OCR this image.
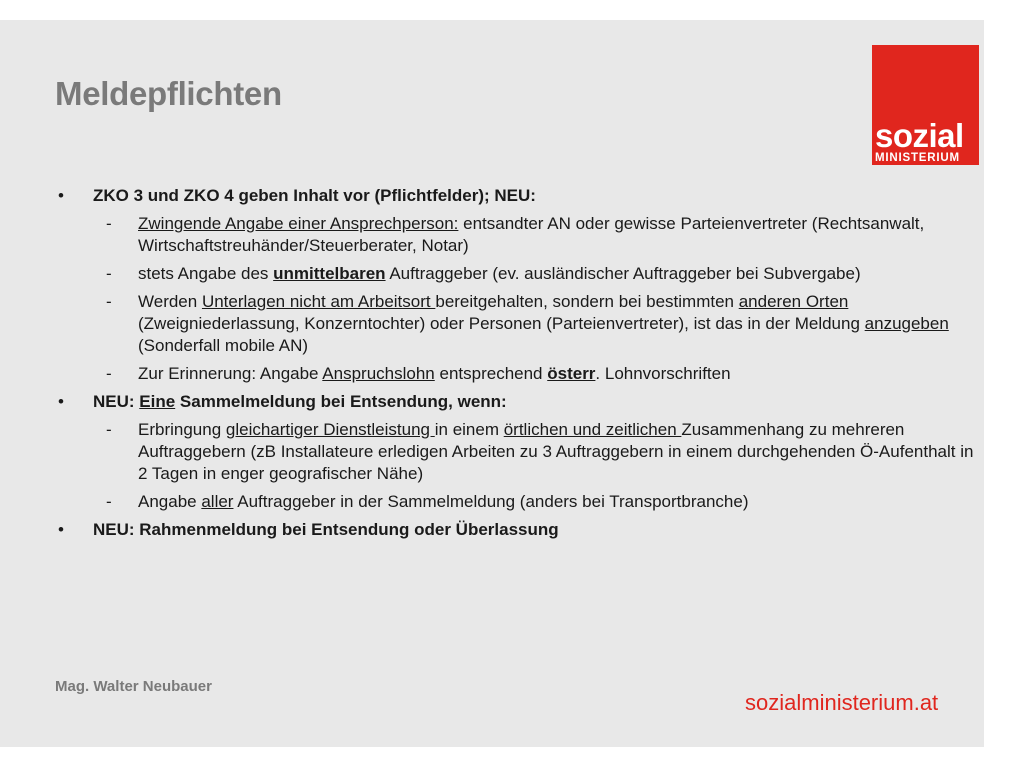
Meldepflichten
sozial
MINISTERIUM
• ZKO 3 und ZKO 4 geben Inhalt vor (Pflichtfelder); NEU:
- Zwingende Angabe einer Ansprechperson: entsandter AN oder gewisse Parteienvertreter (Rechtsanwalt, Wirtschaftstreuhänder/Steuerberater, Notar)
- stets Angabe des unmittelbaren Auftraggeber (ev. ausländischer Auftraggeber bei Subvergabe)
- Werden Unterlagen nicht am Arbeitsort bereitgehalten, sondern bei bestimmten anderen Orten (Zweigniederlassung, Konzerntochter) oder Personen (Parteienvertreter), ist das in der Meldung anzugeben (Sonderfall mobile AN)
- Zur Erinnerung: Angabe Anspruchslohn entsprechend österr. Lohnvorschriften
• NEU: Eine Sammelmeldung bei Entsendung, wenn:
- Erbringung gleichartiger Dienstleistung in einem örtlichen und zeitlichen Zusammenhang zu mehreren Auftraggebern (zB Installateure erledigen Arbeiten zu 3 Auftraggebern in einem durchgehenden Ö-Aufenthalt in 2 Tagen in enger geografischer Nähe)
- Angabe aller Auftraggeber in der Sammelmeldung (anders bei Transportbranche)
• NEU: Rahmenmeldung bei Entsendung oder Überlassung
Mag. Walter Neubauer
sozialministerium.at
